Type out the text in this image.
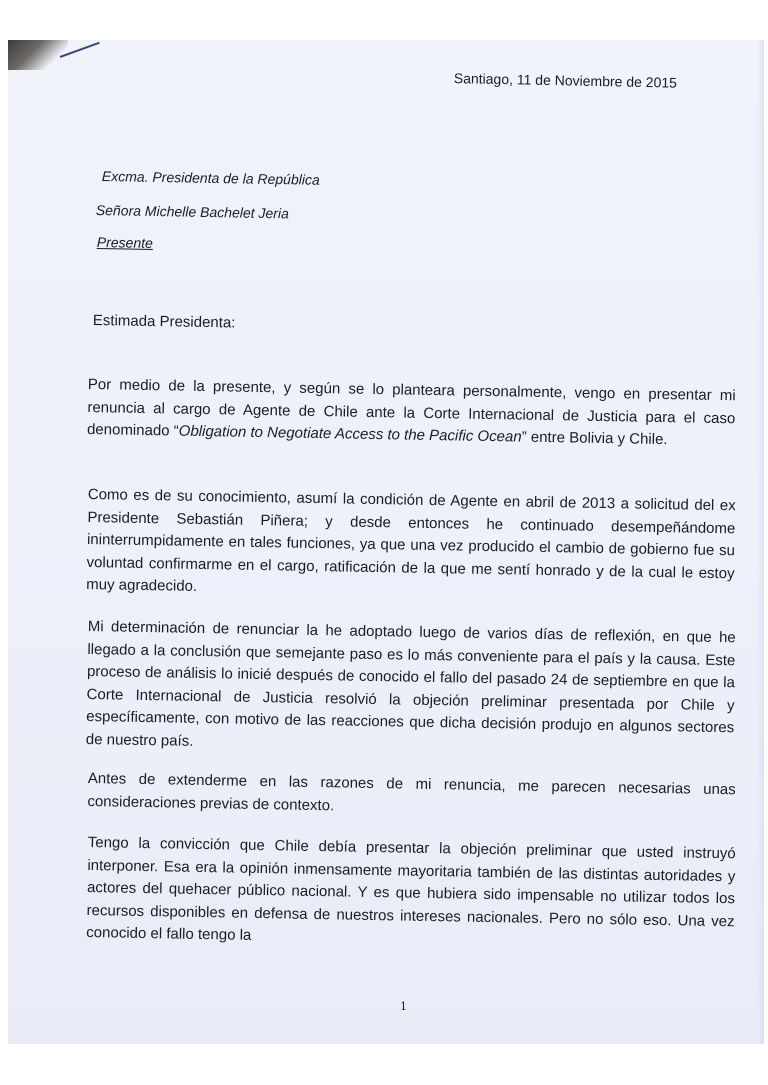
Santiago, 11 de Noviembre de 2015
Excma. Presidenta de la República
Señora Michelle Bachelet Jeria
Presente
Estimada Presidenta:

Por medio de la presente, y según se lo planteara personalmente, vengo en presentar mi renuncia al cargo de Agente de Chile ante la Corte Internacional de Justicia para el caso denominado “Obligation to Negotiate Access to the Pacific Ocean” entre Bolivia y Chile.

Como es de su conocimiento, asumí la condición de Agente en abril de 2013 a solicitud del ex Presidente Sebastián Piñera; y desde entonces he continuado desempeñándome ininterrumpidamente en tales funciones, ya que una vez producido el cambio de gobierno fue su voluntad confirmarme en el cargo, ratificación de la que me sentí honrado y de la cual le estoy muy agradecido.

Mi determinación de renunciar la he adoptado luego de varios días de reflexión, en que he llegado a la conclusión que semejante paso es lo más conveniente para el país y la causa. Este proceso de análisis lo inicié después de conocido el fallo del pasado 24 de septiembre en que la Corte Internacional de Justicia resolvió la objeción preliminar presentada por Chile y específicamente, con motivo de las reacciones que dicha decisión produjo en algunos sectores de nuestro país.

Antes de extenderme en las razones de mi renuncia, me parecen necesarias unas consideraciones previas de contexto.

Tengo la convicción que Chile debía presentar la objeción preliminar que usted instruyó interponer. Esa era la opinión inmensamente mayoritaria también de las distintas autoridades y actores del quehacer público nacional. Y es que hubiera sido impensable no utilizar todos los recursos disponibles en defensa de nuestros intereses nacionales. Pero no sólo eso. Una vez conocido el fallo tengo la

1
